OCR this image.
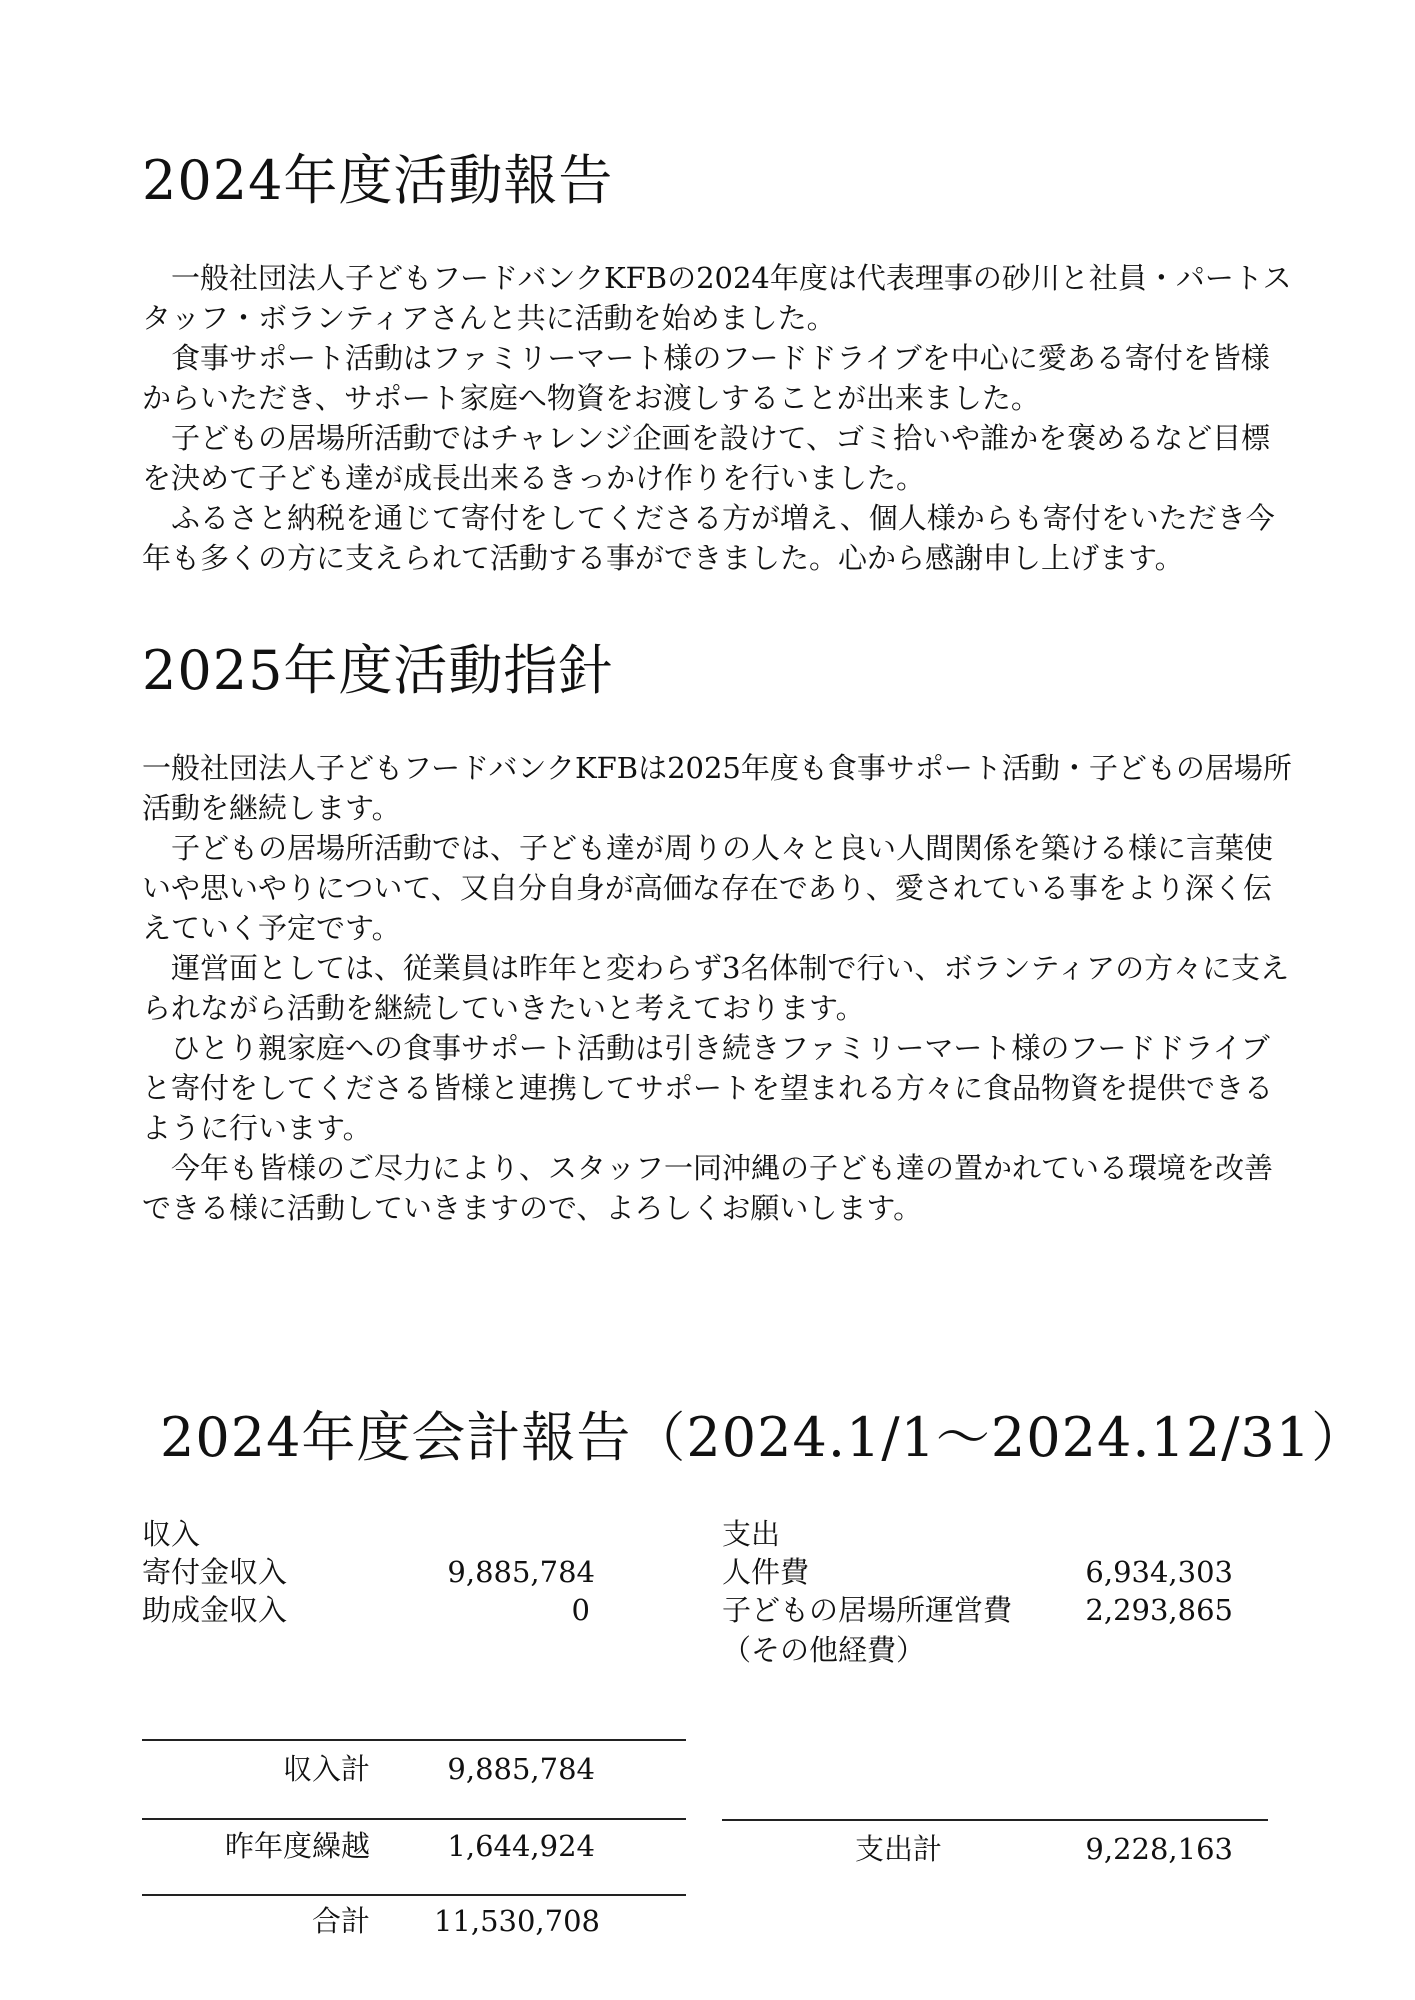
2024年度活動報告

一般社団法人子どもフードバンクKFBの2024年度は代表理事の砂川と社員・パートスタッフ・ボランティアさんと共に活動を始めました。

食事サポート活動はファミリーマート様のフードドライブを中心に愛ある寄付を皆様からいただき、サポート家庭へ物資をお渡しすることが出来ました。

子どもの居場所活動ではチャレンジ企画を設けて、ゴミ拾いや誰かを褒めるなど目標を決めて子ども達が成長出来るきっかけ作りを行いました。

ふるさと納税を通じて寄付をしてくださる方が増え、個人様からも寄付をいただき今年も多くの方に支えられて活動する事ができました。心から感謝申し上げます。

2025年度活動指針

一般社団法人子どもフードバンクKFBは2025年度も食事サポート活動・子どもの居場所活動を継続します。

子どもの居場所活動では、子ども達が周りの人々と良い人間関係を築ける様に言葉使いや思いやりについて、又自分自身が高価な存在であり、愛されている事をより深く伝えていく予定です。

運営面としては、従業員は昨年と変わらず3名体制で行い、ボランティアの方々に支えられながら活動を継続していきたいと考えております。

ひとり親家庭への食事サポート活動は引き続きファミリーマート様のフードドライブと寄付をしてくださる皆様と連携してサポートを望まれる方々に食品物資を提供できるように行います。

今年も皆様のご尽力により、スタッフ一同沖縄の子ども達の置かれている環境を改善できる様に活動していきますので、よろしくお願いします。

2024年度会計報告（2024.1/1～2024.12/31）
収入
寄付金収入	9,885,784
助成金収入	0
収入計	9,885,784
昨年度繰越	1,644,924
合計	11,530,708
支出
人件費	6,934,303
子どもの居場所運営費	2,293,865
（その他経費）
支出計	9,228,163
